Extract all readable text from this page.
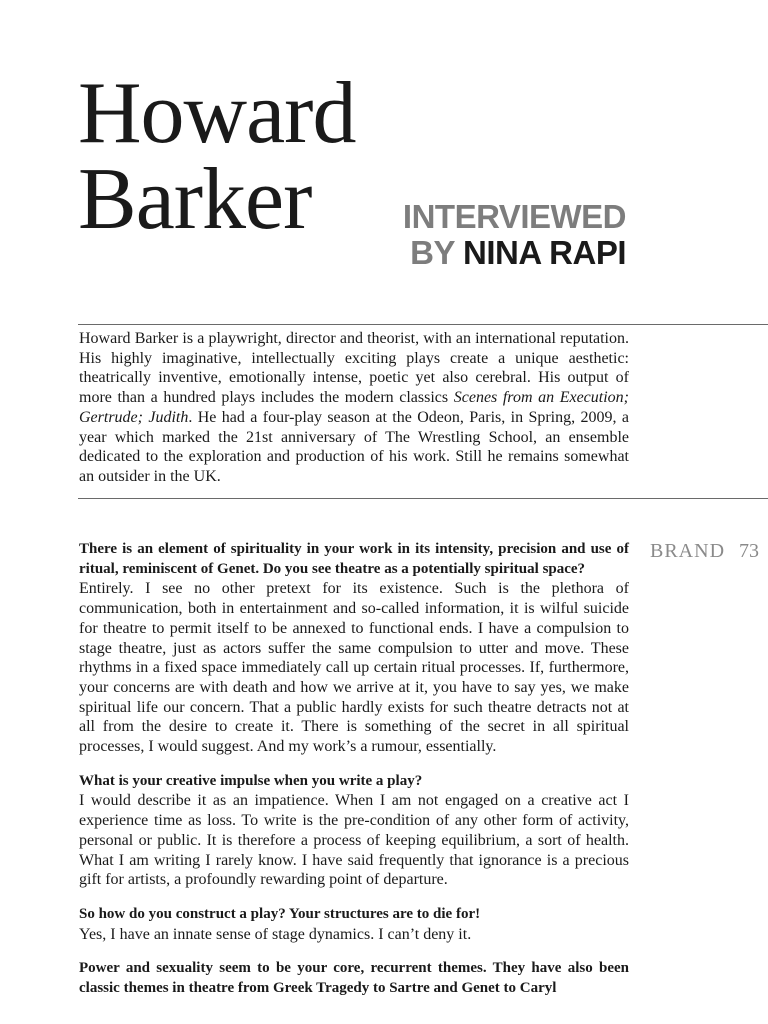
Howard
Barker	INTERVIEWED
BY NINA RAPI

Howard Barker is a playwright, director and theorist, with an international reputation. His highly imaginative, intellectually exciting plays create a unique aesthetic: theatrically inventive, emotionally intense, poetic yet also cerebral. His output of more than a hundred plays includes the modern classics Scenes from an Execution; Gertrude; Judith. He had a four-play season at the Odeon, Paris, in Spring, 2009, a year which marked the 21st anniversary of The Wrestling School, an ensemble dedicated to the exploration and production of his work. Still he remains somewhat an outsider in the UK.

BRAND 73

There is an element of spirituality in your work in its intensity, precision and use of ritual, reminiscent of Genet. Do you see theatre as a potentially spiritual space?

Entirely. I see no other pretext for its existence. Such is the plethora of communication, both in entertainment and so-called information, it is wilful suicide for theatre to permit itself to be annexed to functional ends. I have a compulsion to stage theatre, just as actors suffer the same compulsion to utter and move. These rhythms in a fixed space immediately call up certain ritual processes. If, furthermore, your concerns are with death and how we arrive at it, you have to say yes, we make spiritual life our concern. That a public hardly exists for such theatre detracts not at all from the desire to create it. There is something of the secret in all spiritual processes, I would suggest. And my work’s a rumour, essentially.

What is your creative impulse when you write a play?

I would describe it as an impatience. When I am not engaged on a creative act I experience time as loss. To write is the pre-condition of any other form of activity, personal or public. It is therefore a process of keeping equilibrium, a sort of health. What I am writing I rarely know. I have said frequently that ignorance is a precious gift for artists, a profoundly rewarding point of departure.

So how do you construct a play? Your structures are to die for!

Yes, I have an innate sense of stage dynamics. I can’t deny it.

Power and sexuality seem to be your core, recurrent themes. They have also been classic themes in theatre from Greek Tragedy to Sartre and Genet to Caryl
